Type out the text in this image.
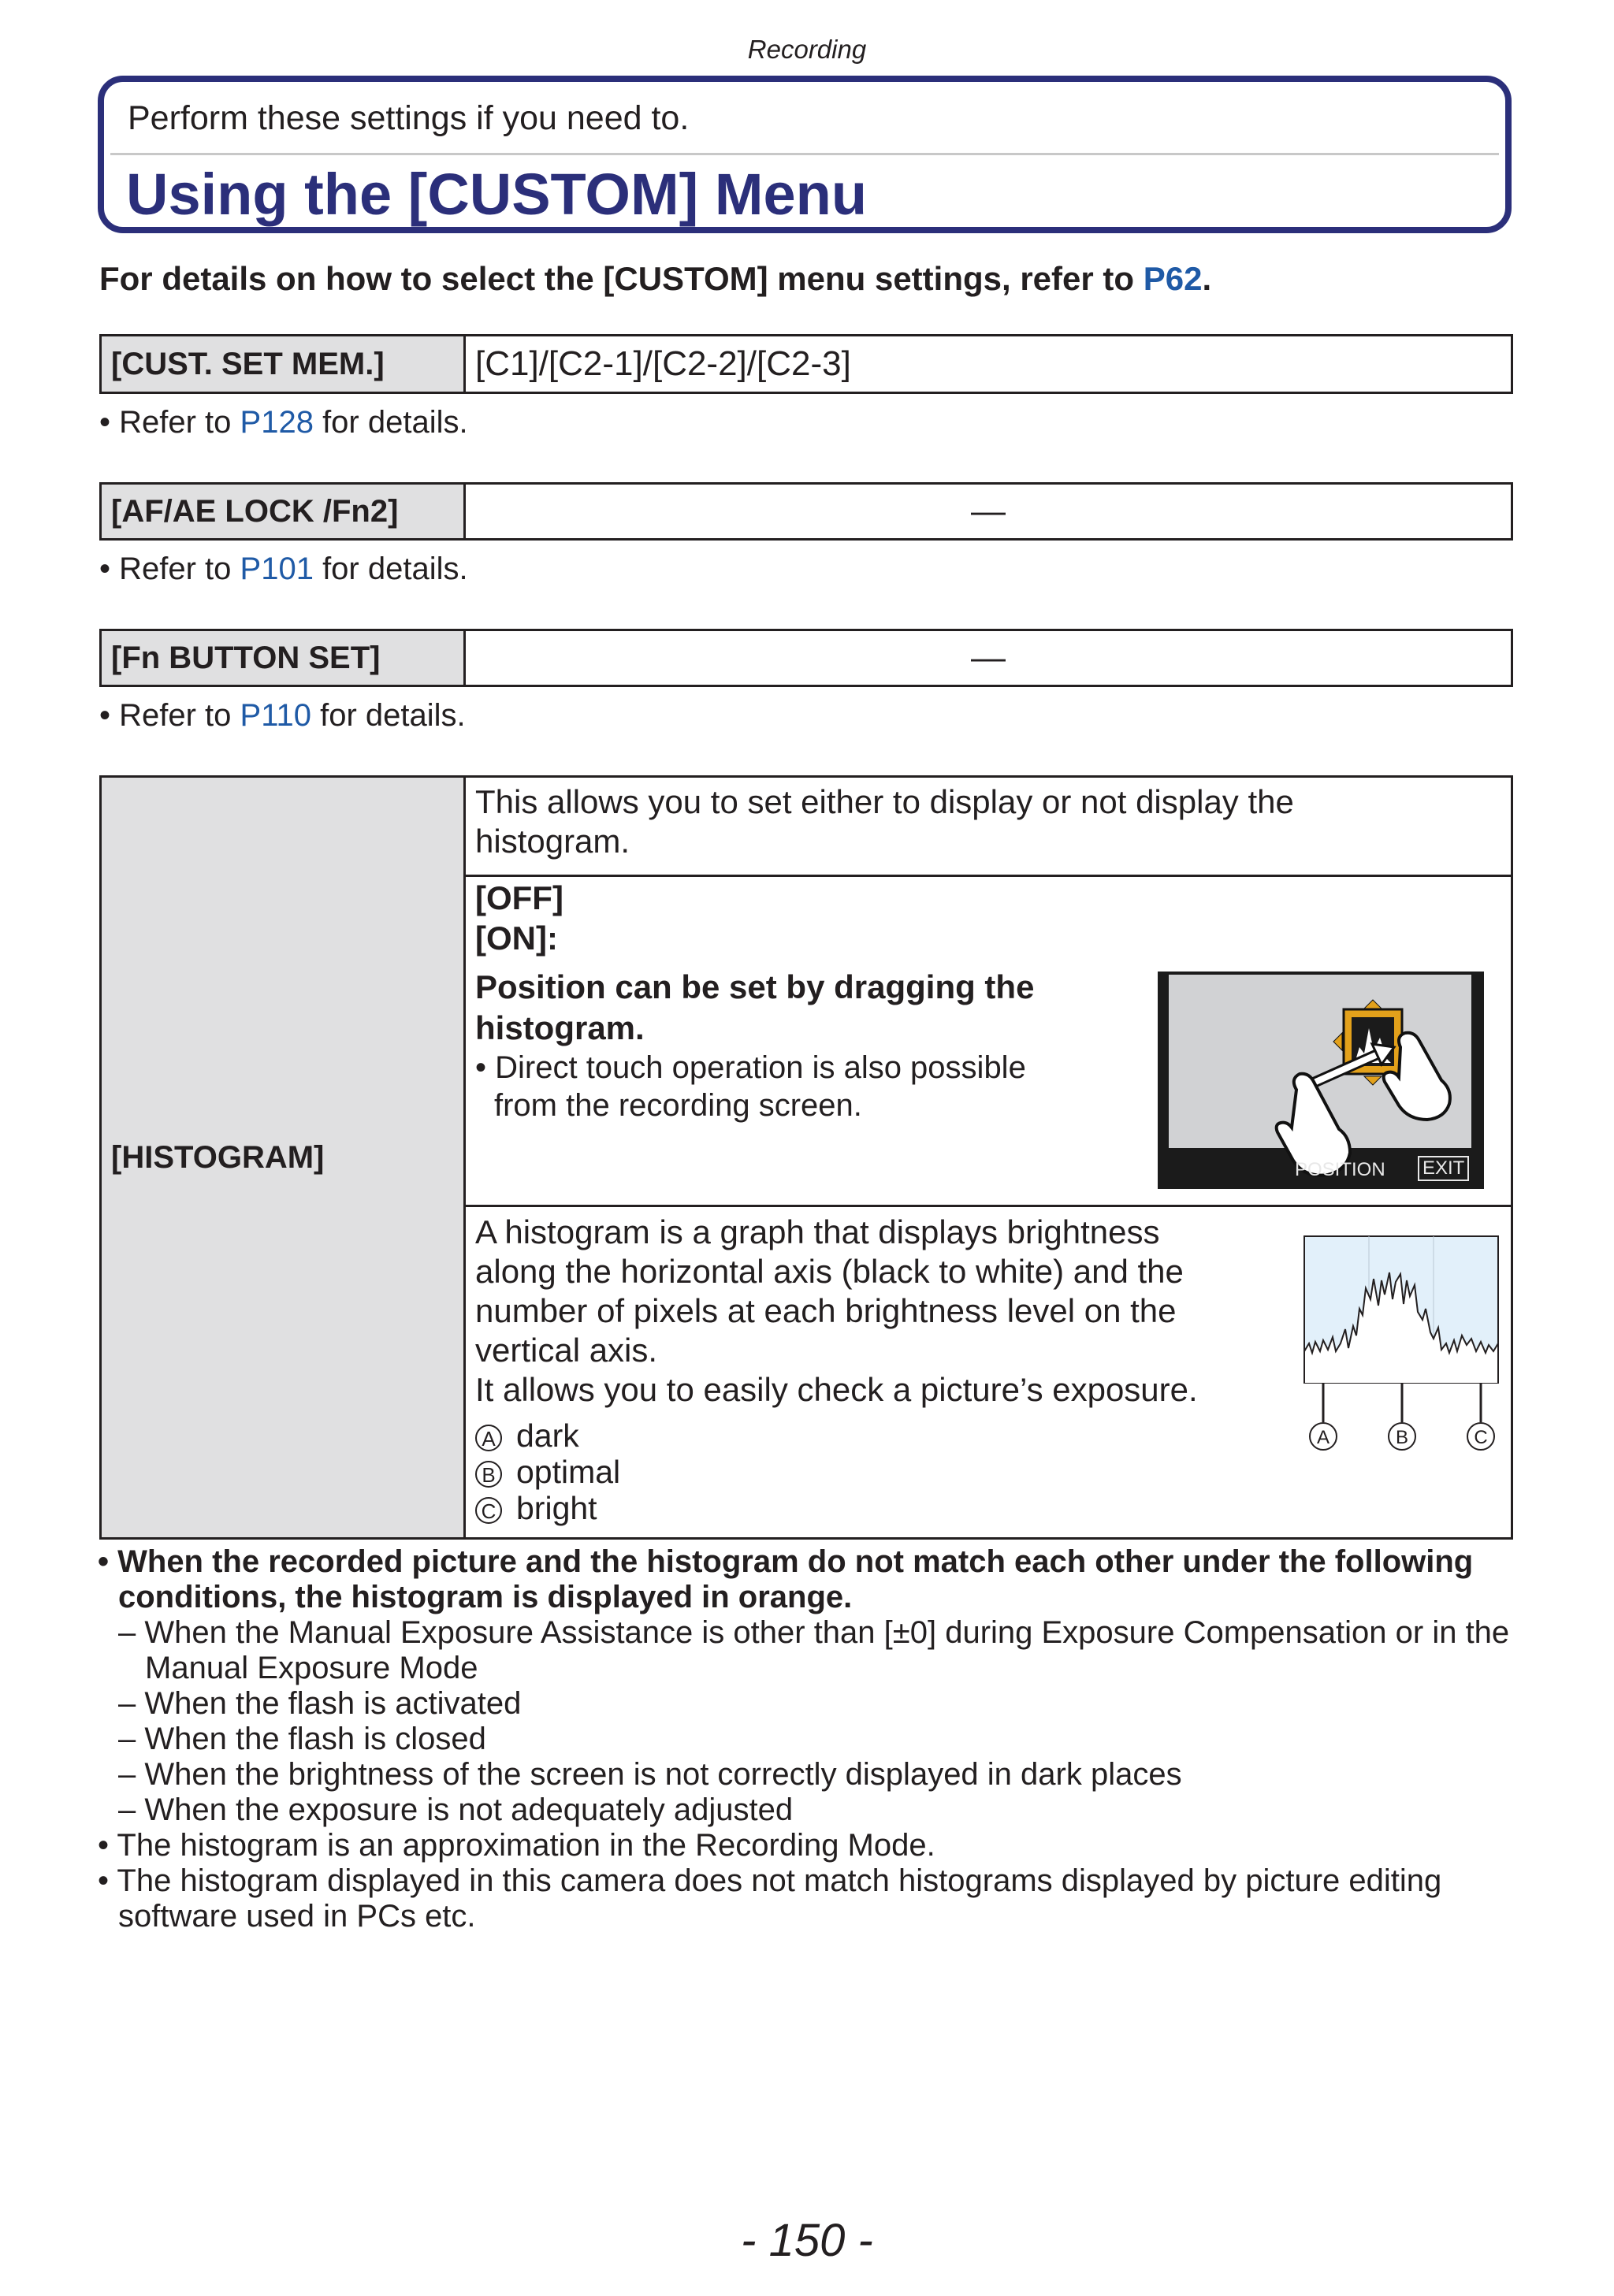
Recording
Perform these settings if you need to.
Using the [CUSTOM] Menu
For details on how to select the [CUSTOM] menu settings, refer to P62.
[CUST. SET MEM.]	[C1]/[C2-1]/[C2-2]/[C2-3]
• Refer to P128 for details.
[AF/AE LOCK /Fn2]	—
• Refer to P101 for details.
[Fn BUTTON SET]	—
• Refer to P110 for details.
[HISTOGRAM]
This allows you to set either to display or not display the histogram.
[OFF]
[ON]:
Position can be set by dragging the histogram.
• Direct touch operation is also possible from the recording screen.
POSITION EXIT
A histogram is a graph that displays brightness
along the horizontal axis (black to white) and the
number of pixels at each brightness level on the
vertical axis.
It allows you to easily check a picture’s exposure.
A dark
B optimal
C bright
A	B	C
• When the recorded picture and the histogram do not match each other under the following conditions, the histogram is displayed in orange.
– When the Manual Exposure Assistance is other than [±0] during Exposure Compensation or in the Manual Exposure Mode
– When the flash is activated
– When the flash is closed
– When the brightness of the screen is not correctly displayed in dark places
– When the exposure is not adequately adjusted
• The histogram is an approximation in the Recording Mode.
• The histogram displayed in this camera does not match histograms displayed by picture editing software used in PCs etc.
- 150 -
